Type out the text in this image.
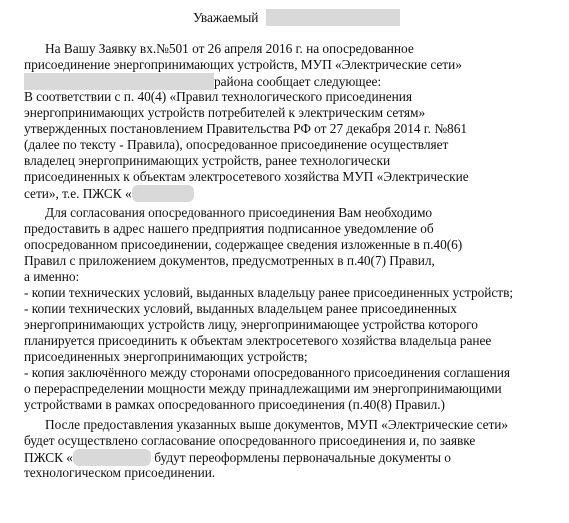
Уважаемый
На Вашу Заявку вх.№501 от 26 апреля 2016 г. на опосредованное
присоединение энергопринимающих устройств, МУП «Электрические сети»
района сообщает следующее:
В соответствии с п. 40(4) «Правил технологического присоединения
энергопринимающих устройств потребителей к электрическим сетям»
утвержденных постановлением Правительства РФ от 27 декабря 2014 г. №861
(далее по тексту - Правила), опосредованное присоединение осуществляет
владелец энергопринимающих устройств, ранее технологически
присоединенных к объектам электросетевого хозяйства МУП «Электрические
сети», т.е. ПЖСК «
Для согласования опосредованного присоединения Вам необходимо
предоставить в адрес нашего предприятия подписанное уведомление об
опосредованном присоединении, содержащее сведения изложенные в п.40(6)
Правил с приложением документов, предусмотренных в п.40(7) Правил,
а именно:
- копии технических условий, выданных владельцу ранее присоединенных устройств;
- копии технических условий, выданных владельцем ранее присоединенных
энергопринимающих устройств лицу, энергопринимающее устройства которого
планируется присоединить к объектам электросетевого хозяйства владельца ранее
присоединенных энергопринимающих устройств;
- копия заключённого между сторонами опосредованного присоединения соглашения
о перераспределении мощности между принадлежащими им энергопринимающими
устройствами в рамках опосредованного присоединения (п.40(8) Правил.)
После предоставления указанных выше документов, МУП «Электрические сети»
будет осуществлено согласование опосредованного присоединения и, по заявке
ПЖСК «	будут переоформлены первоначальные документы о
технологическом присоединении.
